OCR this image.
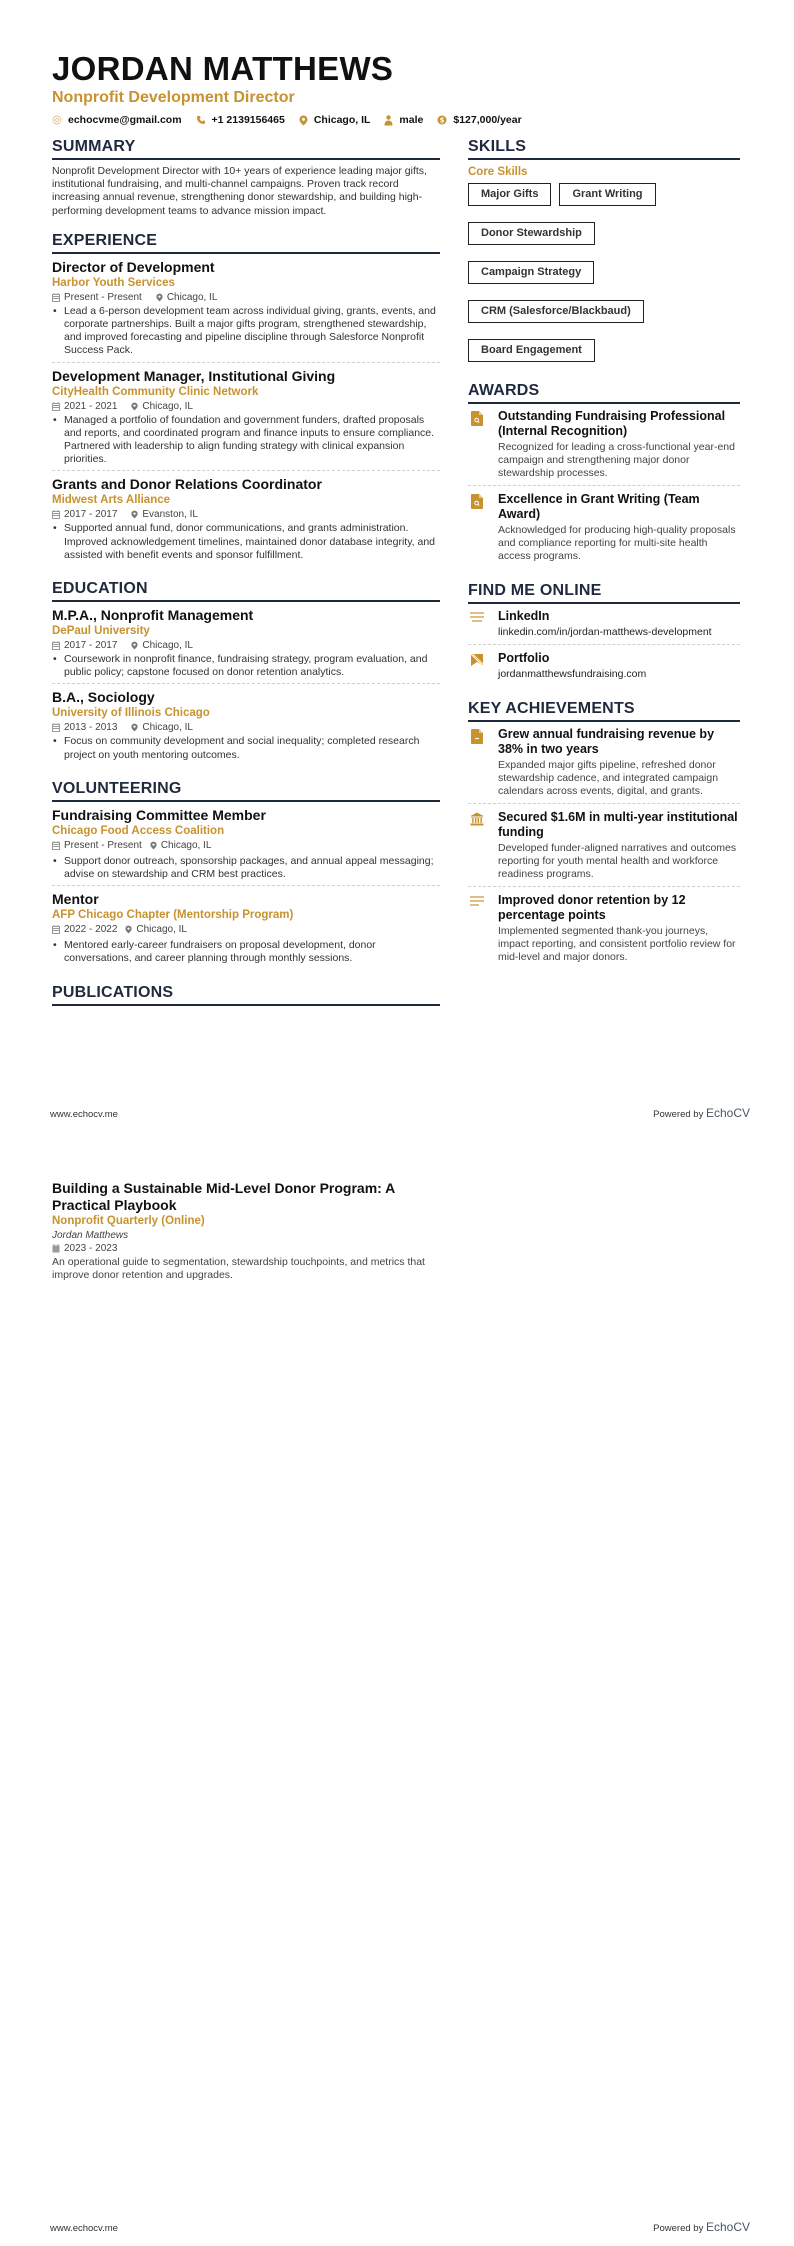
JORDAN MATTHEWS
Nonprofit Development Director
echocvme@gmail.com	+1 2139156465	Chicago, IL	male $ $127,000/year
SUMMARY
Nonprofit Development Director with 10+ years of experience leading major gifts, institutional fundraising, and multi-channel campaigns. Proven track record increasing annual revenue, strengthening donor stewardship, and building high-performing development teams to advance mission impact.
EXPERIENCE
Director of Development
Harbor Youth Services
Present - Present	Chicago, IL
• Lead a 6-person development team across individual giving, grants, events, and corporate partnerships. Built a major gifts program, strengthened stewardship, and improved forecasting and pipeline discipline through Salesforce Nonprofit Success Pack.
Development Manager, Institutional Giving
CityHealth Community Clinic Network
2021 - 2021	Chicago, IL
• Managed a portfolio of foundation and government funders, drafted proposals and reports, and coordinated program and finance inputs to ensure compliance. Partnered with leadership to align funding strategy with clinical expansion priorities.
Grants and Donor Relations Coordinator
Midwest Arts Alliance
2017 - 2017	Evanston, IL
• Supported annual fund, donor communications, and grants administration. Improved acknowledgement timelines, maintained donor database integrity, and assisted with benefit events and sponsor fulfillment.
EDUCATION
M.P.A., Nonprofit Management
DePaul University
2017 - 2017	Chicago, IL
• Coursework in nonprofit finance, fundraising strategy, program evaluation, and public policy; capstone focused on donor retention analytics.
B.A., Sociology
University of Illinois Chicago
2013 - 2013	Chicago, IL
• Focus on community development and social inequality; completed research project on youth mentoring outcomes.
VOLUNTEERING
Fundraising Committee Member
Chicago Food Access Coalition
Present - Present Chicago, IL
• Support donor outreach, sponsorship packages, and annual appeal messaging; advise on stewardship and CRM best practices.
Mentor
AFP Chicago Chapter (Mentorship Program)
2022 - 2022 Chicago, IL
• Mentored early-career fundraisers on proposal development, donor conversations, and career planning through monthly sessions.
PUBLICATIONS
SKILLS
Core Skills
Major Gifts	Grant Writing
Donor Stewardship
Campaign Strategy
CRM (Salesforce/Blackbaud)
Board Engagement
AWARDS
Outstanding Fundraising Professional (Internal Recognition)
Recognized for leading a cross-functional year-end campaign and strengthening major donor stewardship processes.
Excellence in Grant Writing (Team Award)
Acknowledged for producing high-quality proposals and compliance reporting for multi-site health access programs.
FIND ME ONLINE
LinkedIn
linkedin.com/in/jordan-matthews-development
Portfolio
jordanmatthewsfundraising.com
KEY ACHIEVEMENTS
Grew annual fundraising revenue by 38% in two years
Expanded major gifts pipeline, refreshed donor stewardship cadence, and integrated campaign calendars across events, digital, and grants.
Secured $1.6M in multi-year institutional funding
Developed funder-aligned narratives and outcomes reporting for youth mental health and workforce readiness programs.
Improved donor retention by 12 percentage points
Implemented segmented thank-you journeys, impact reporting, and consistent portfolio review for mid-level and major donors.
www.echocv.me	Powered by EchoCV
Building a Sustainable Mid-Level Donor Program: A Practical Playbook
Nonprofit Quarterly (Online)
Jordan Matthews
2023 - 2023
An operational guide to segmentation, stewardship touchpoints, and metrics that improve donor retention and upgrades.
www.echocv.me	Powered by EchoCV
